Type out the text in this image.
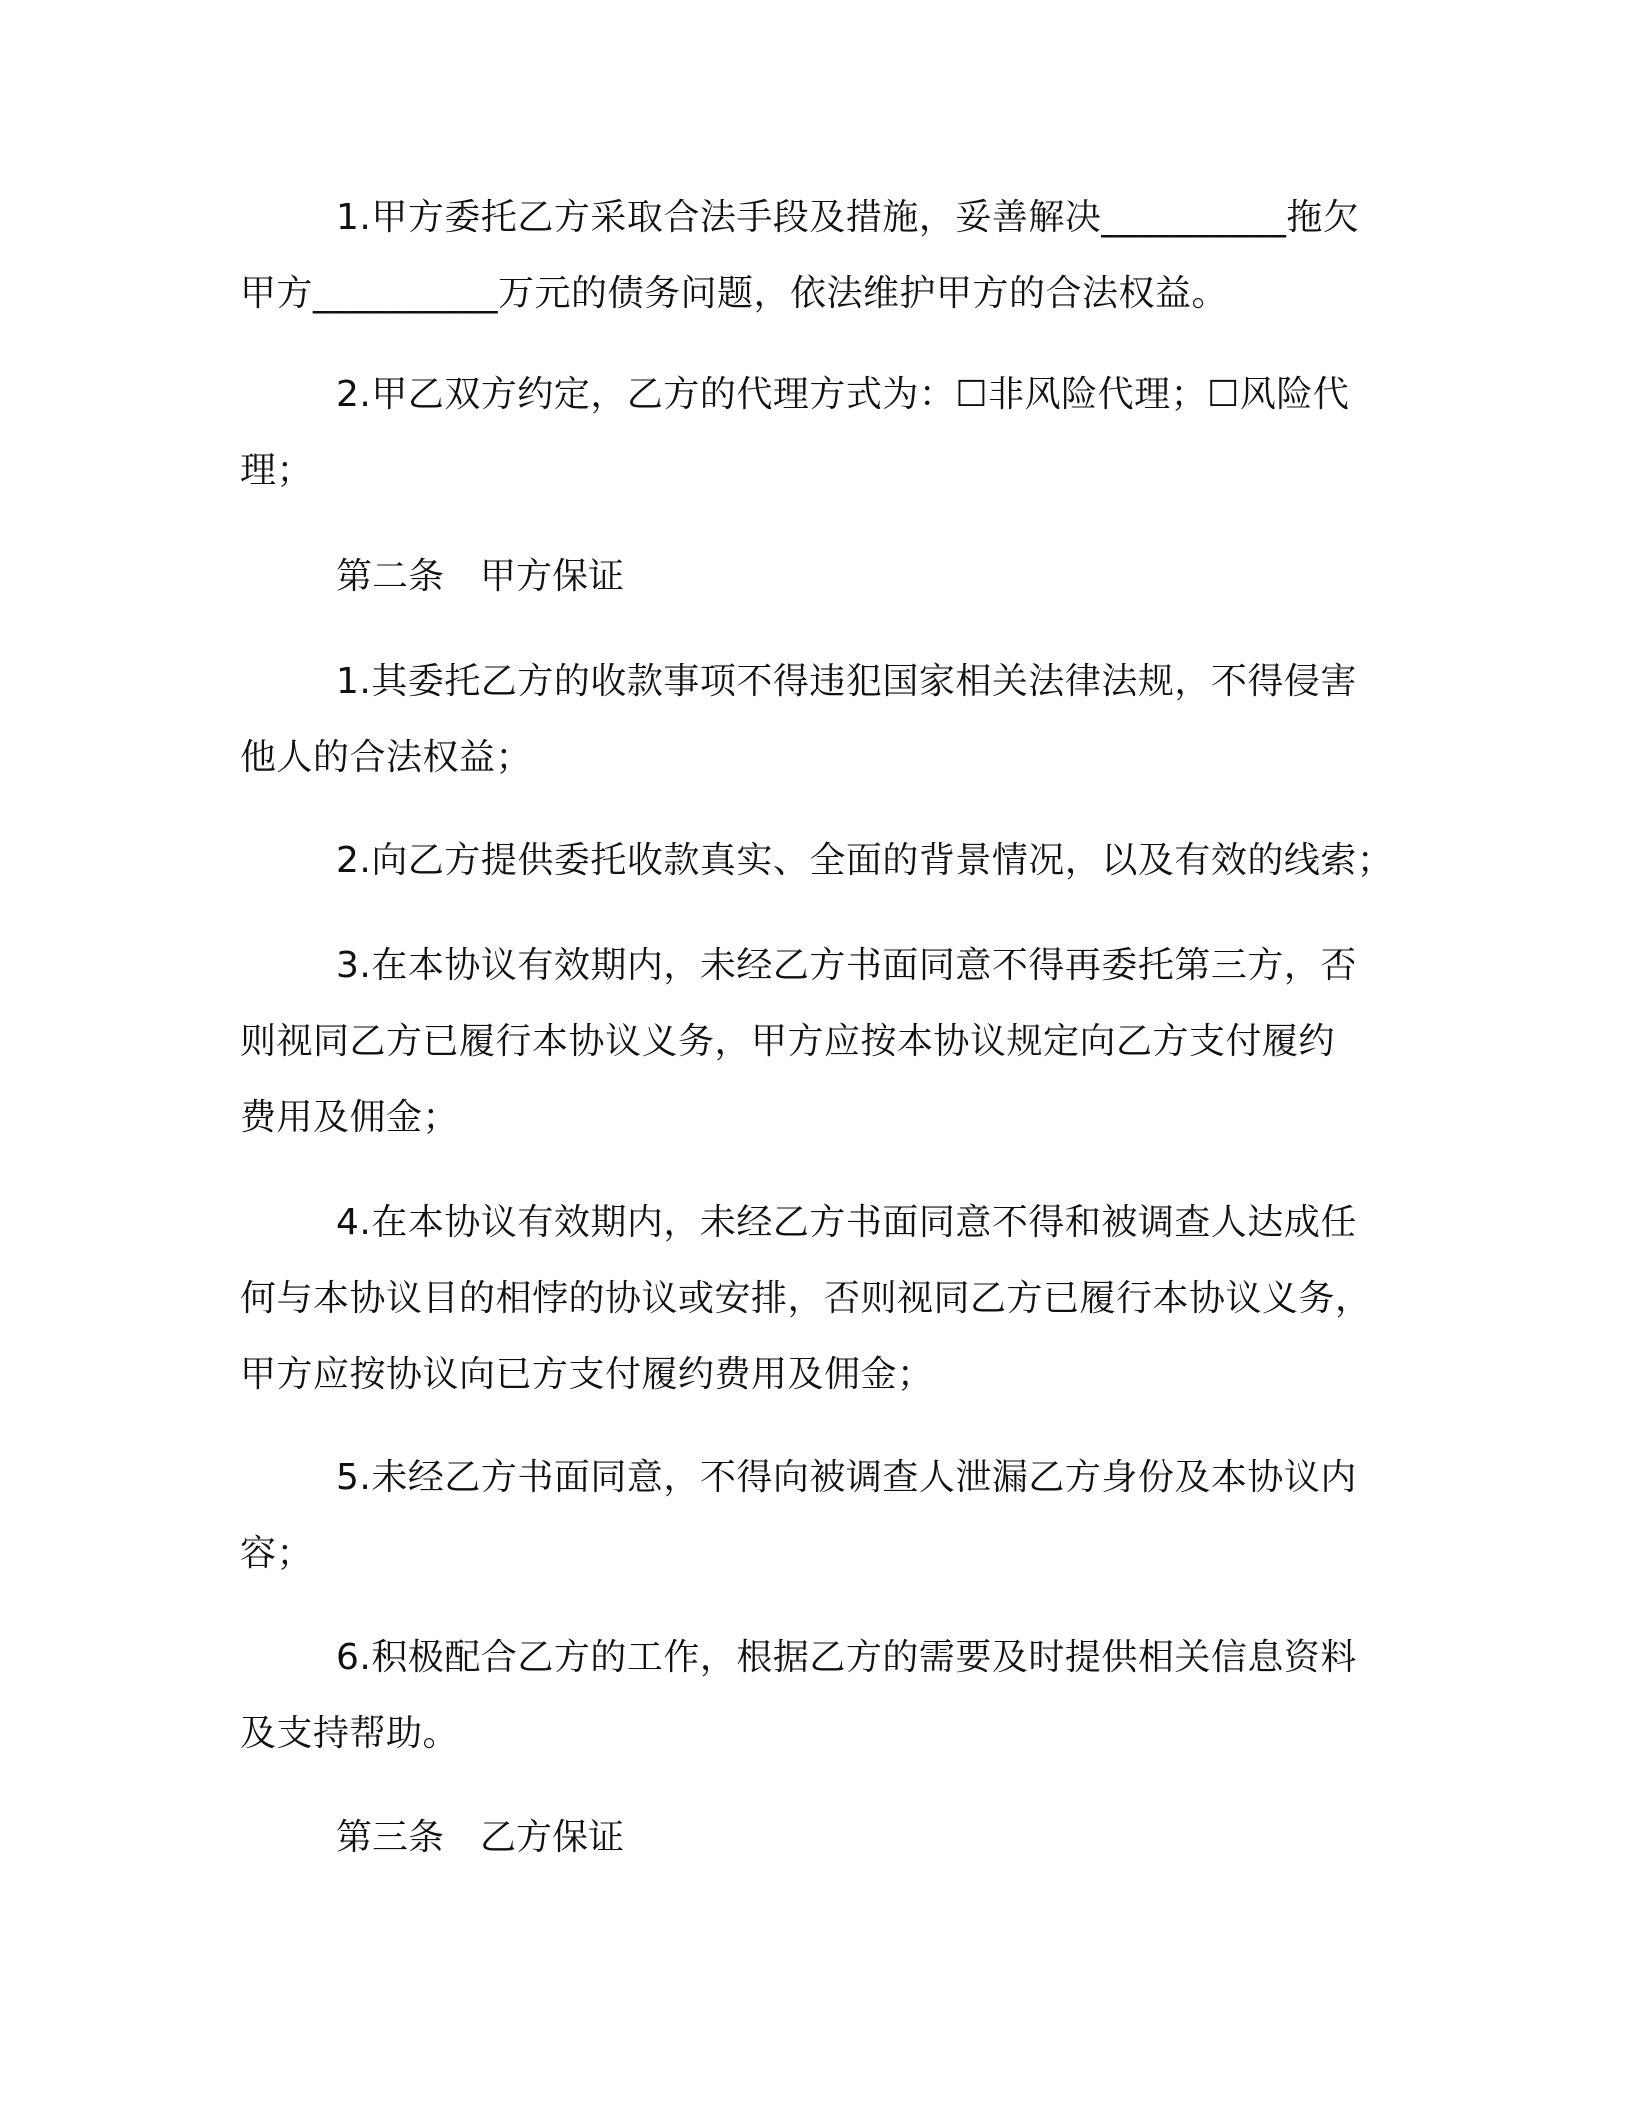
1.甲方委托乙方采取合法手段及措施，妥善解决__________拖欠
甲方__________万元的债务问题，依法维护甲方的合法权益。
2.甲乙双方约定，乙方的代理方式为：☐非风险代理；☐风险代
理；
第二条　甲方保证
1.其委托乙方的收款事项不得违犯国家相关法律法规，不得侵害
他人的合法权益；
2.向乙方提供委托收款真实、全面的背景情况，以及有效的线索；
3.在本协议有效期内，未经乙方书面同意不得再委托第三方，否
则视同乙方已履行本协议义务，甲方应按本协议规定向乙方支付履约
费用及佣金；
4.在本协议有效期内，未经乙方书面同意不得和被调查人达成任
何与本协议目的相悖的协议或安排，否则视同乙方已履行本协议义务，
甲方应按协议向已方支付履约费用及佣金；
5.未经乙方书面同意，不得向被调查人泄漏乙方身份及本协议内
容；
6.积极配合乙方的工作，根据乙方的需要及时提供相关信息资料
及支持帮助。
第三条　乙方保证
